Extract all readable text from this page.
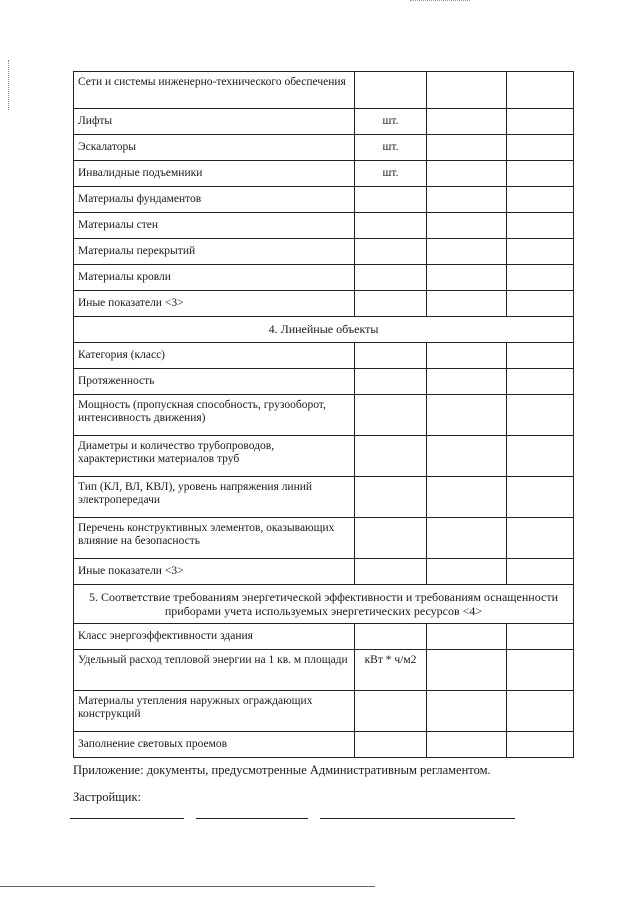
Сети и системы инженерно-технического обеспечения			
Лифты	шт.		
Эскалаторы	шт.		
Инвалидные подъемники	шт.		
Материалы фундаментов			
Материалы стен			
Материалы перекрытий			
Материалы кровли			
Иные показатели <3>			
4. Линейные объекты			
Категория (класс)			
Протяженность			
Мощность (пропускная способность, грузооборот, интенсивность движения)			
Диаметры и количество трубопроводов, характеристики материалов труб			
Тип (КЛ, ВЛ, КВЛ), уровень напряжения линий электропередачи			
Перечень конструктивных элементов, оказывающих влияние на безопасность			
Иные показатели <3>			
5. Соответствие требованиям энергетической эффективности и требованиям оснащенности приборами учета используемых энергетических ресурсов <4>			
Класс энергоэффективности здания			
Удельный расход тепловой энергии на 1 кв. м площади	кВт * ч/м2		
Материалы утепления наружных ограждающих конструкций			
Заполнение световых проемов			
Приложение: документы, предусмотренные Административным регламентом.
Застройщик:
